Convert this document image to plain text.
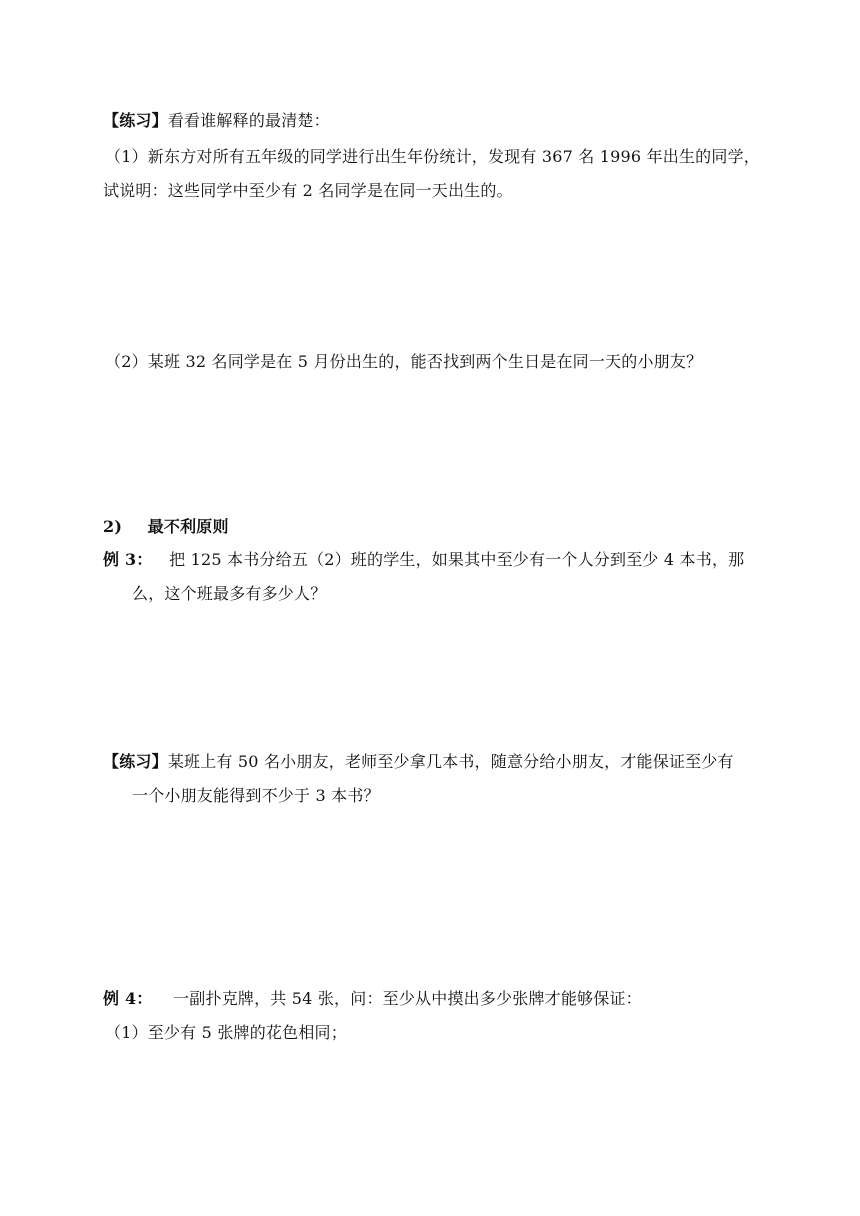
【练习】看看谁解释的最清楚：
（1）新东方对所有五年级的同学进行出生年份统计，发现有 367 名 1996 年出生的同学，
试说明：这些同学中至少有 2 名同学是在同一天出生的。
（2）某班 32 名同学是在 5 月份出生的，能否找到两个生日是在同一天的小朋友？
2) 最不利原则
例 3： 把 125 本书分给五（2）班的学生，如果其中至少有一个人分到至少 4 本书，那
么，这个班最多有多少人？
【练习】某班上有 50 名小朋友，老师至少拿几本书，随意分给小朋友，才能保证至少有
一个小朋友能得到不少于 3 本书？
例 4： 一副扑克牌，共 54 张，问：至少从中摸出多少张牌才能够保证：
（1）至少有 5 张牌的花色相同；
